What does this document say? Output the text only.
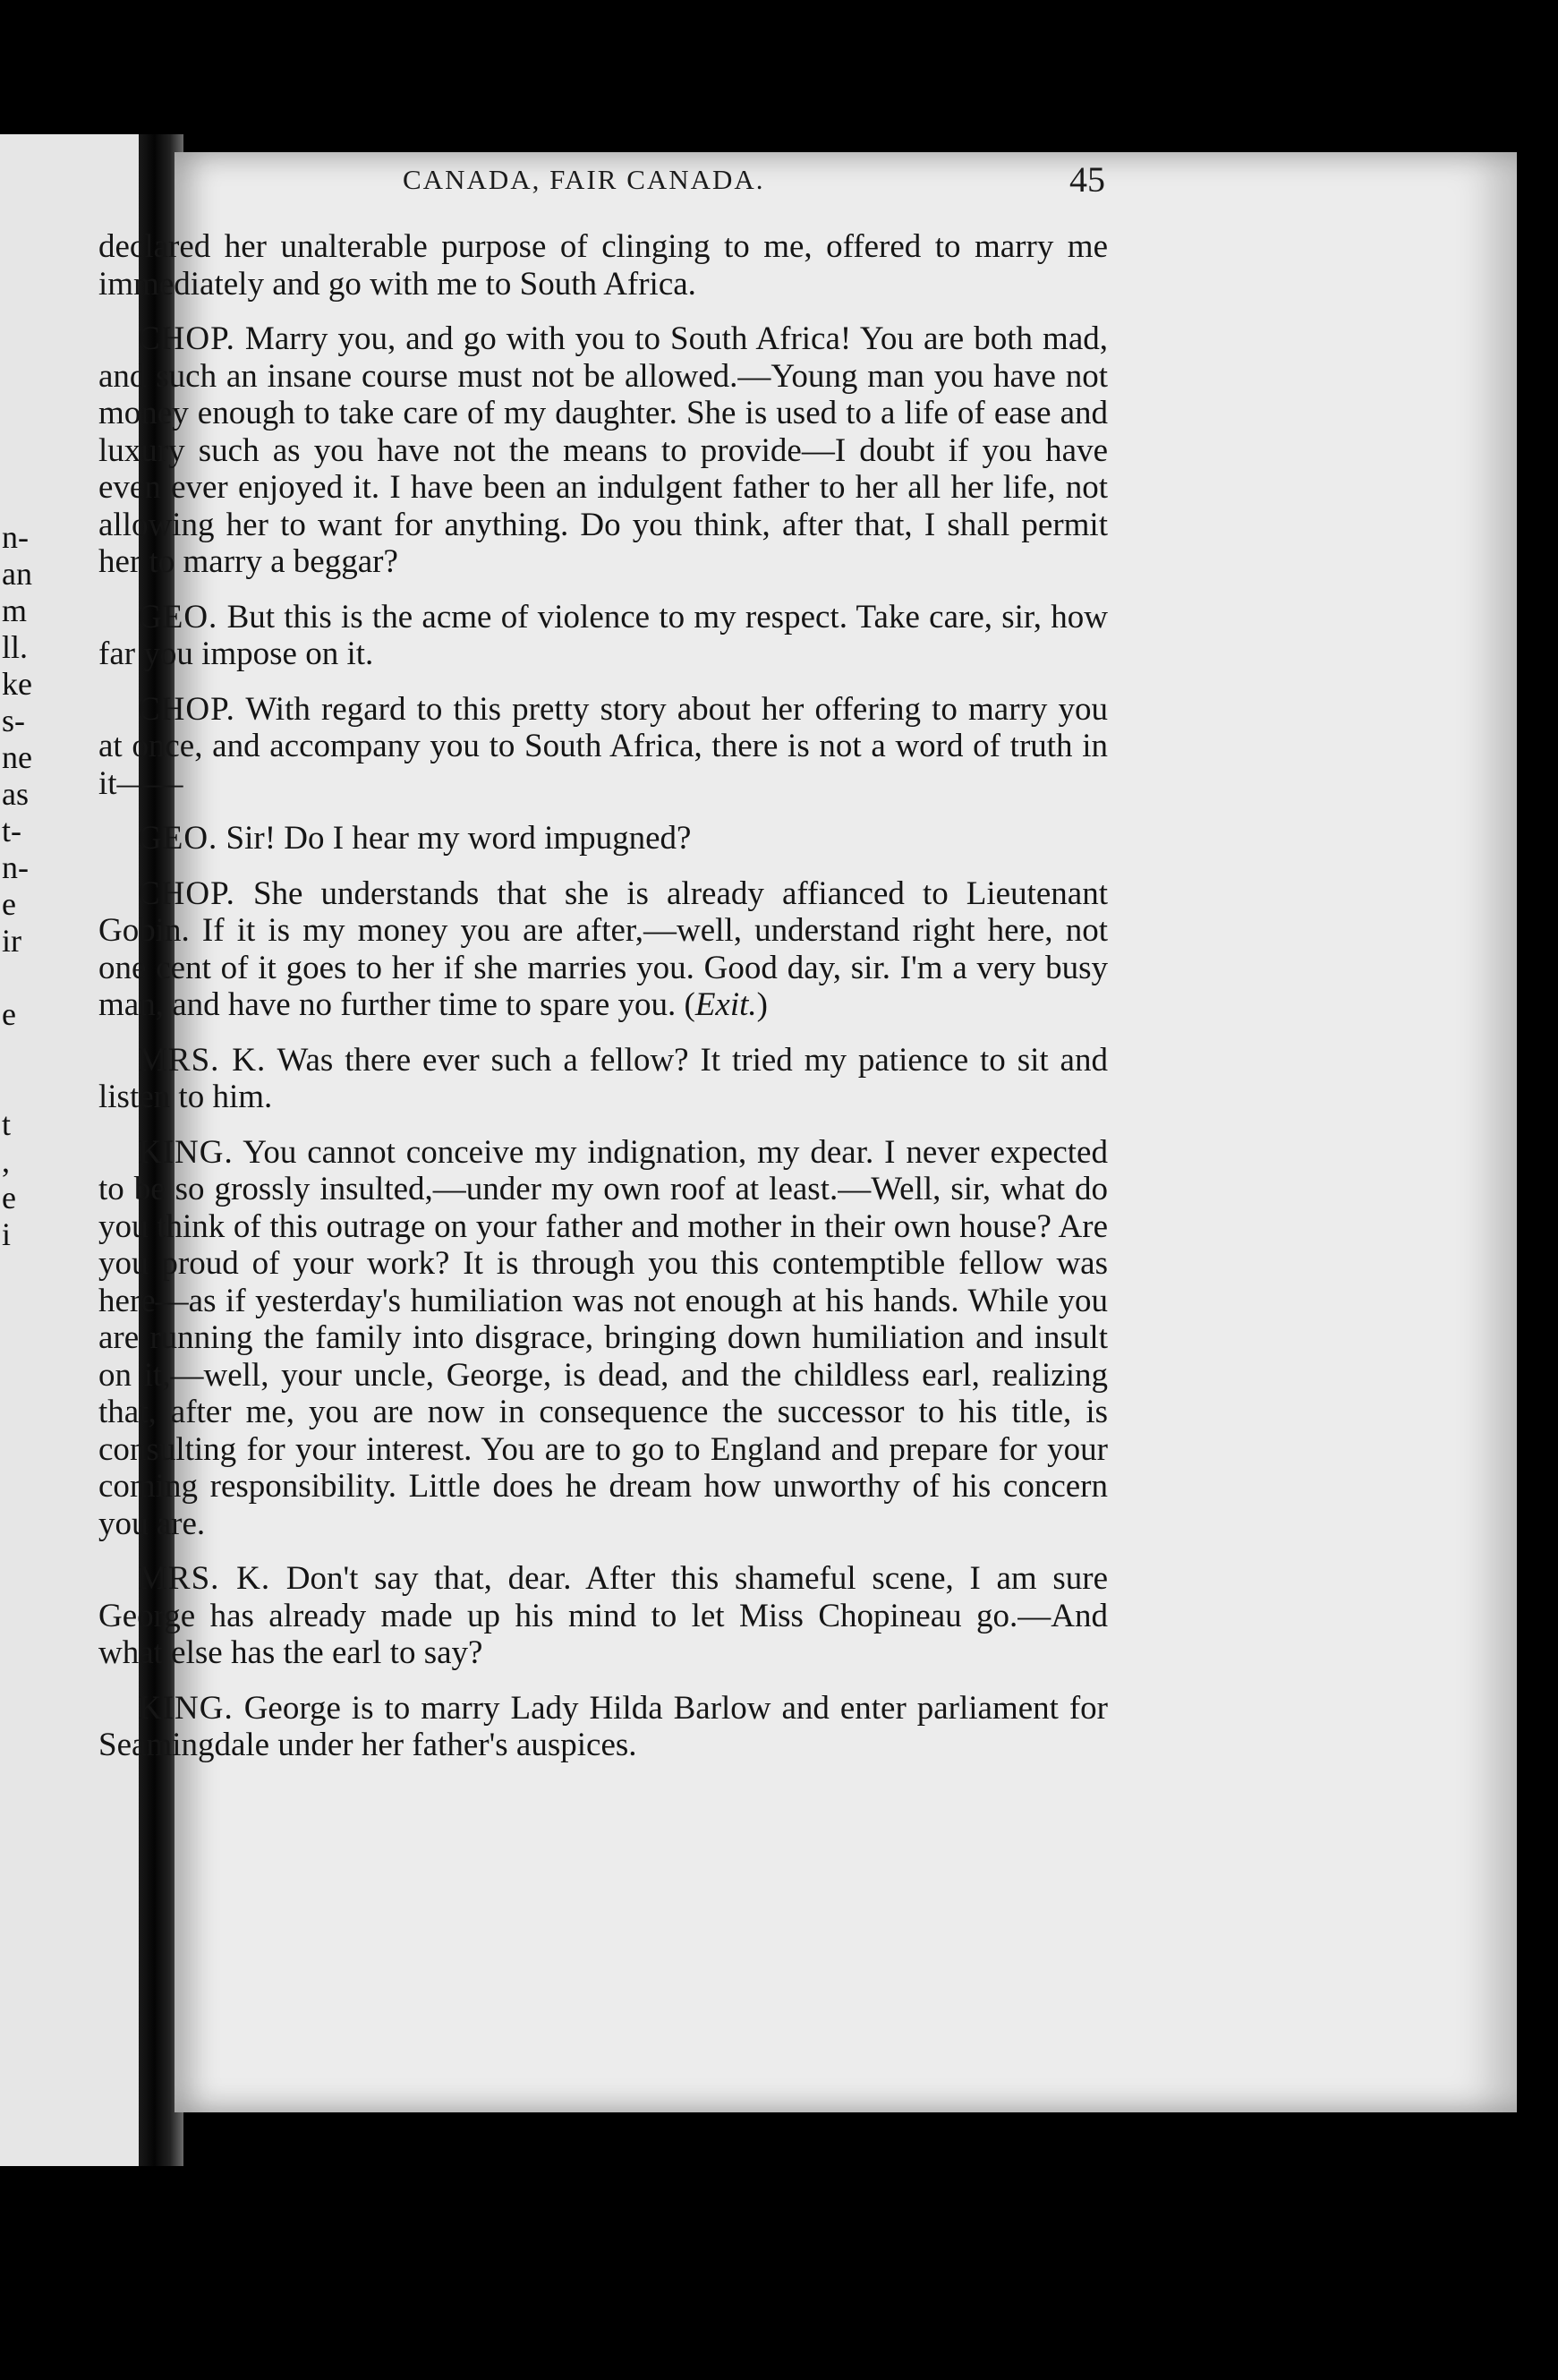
n-
an
m
ll.
ke
s-
ne
as
t-
n-
e
ir
e
t
,
e
i
CANADA, FAIR CANADA.	45

declared her unalterable purpose of clinging to me, offered to marry me immediately and go with me to South Africa.

CHOP. Marry you, and go with you to South Africa! You are both mad, and such an insane course must not be allowed.—Young man you have not money enough to take care of my daughter. She is used to a life of ease and luxury such as you have not the means to provide—I doubt if you have even ever enjoyed it. I have been an indulgent father to her all her life, not allowing her to want for anything. Do you think, after that, I shall permit her to marry a beggar?

GEO. But this is the acme of violence to my respect. Take care, sir, how far you impose on it.

CHOP. With regard to this pretty story about her offering to marry you at once, and accompany you to South Africa, there is not a word of truth in it——

GEO. Sir! Do I hear my word impugned?

CHOP. She understands that she is already affianced to Lieutenant Gobin. If it is my money you are after,—well, understand right here, not one cent of it goes to her if she marries you. Good day, sir. I'm a very busy man, and have no further time to spare you. (Exit.)

MRS. K. Was there ever such a fellow? It tried my patience to sit and listen to him.

KING. You cannot conceive my indignation, my dear. I never expected to be so grossly insulted,—under my own roof at least.—Well, sir, what do you think of this outrage on your father and mother in their own house? Are you proud of your work? It is through you this contemptible fellow was here—as if yesterday's humiliation was not enough at his hands. While you are running the family into disgrace, bringing down humiliation and insult on it,—well, your uncle, George, is dead, and the childless earl, realizing that, after me, you are now in consequence the successor to his title, is consulting for your interest. You are to go to England and prepare for your coming responsibility. Little does he dream how unworthy of his concern you are.

MRS. K. Don't say that, dear. After this shameful scene, I am sure George has already made up his mind to let Miss Chopineau go.—And what else has the earl to say?

KING. George is to marry Lady Hilda Barlow and enter parliament for Seamingdale under her father's auspices.
